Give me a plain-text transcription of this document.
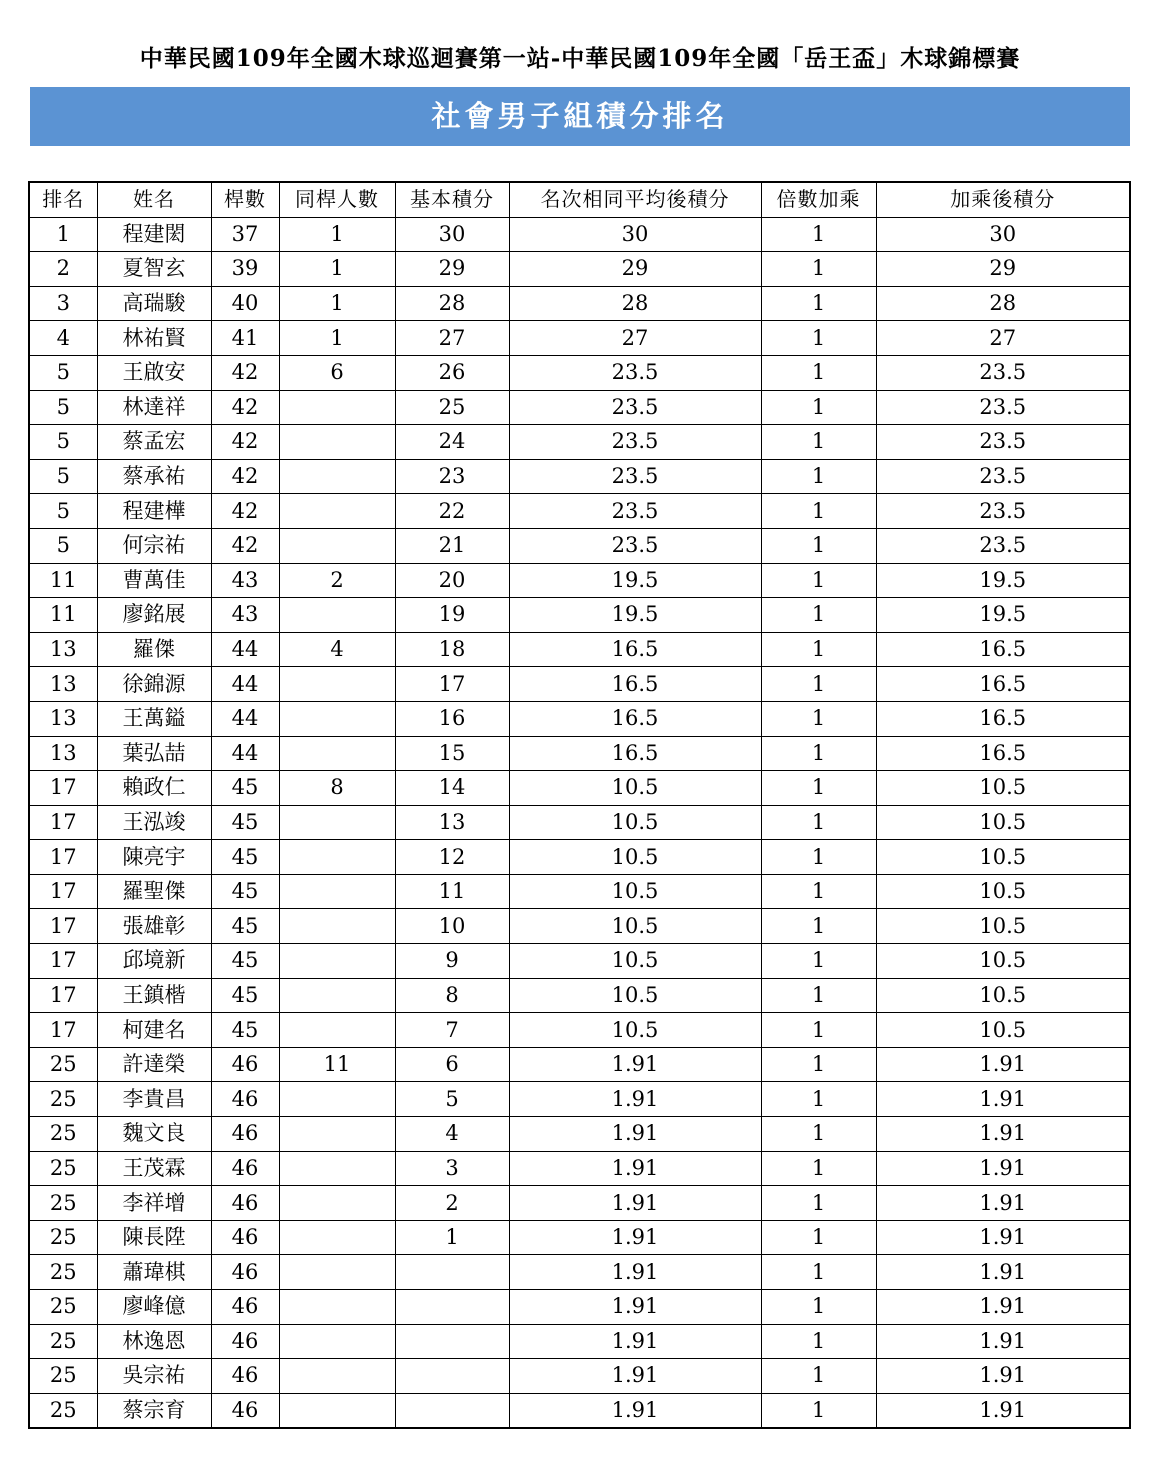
中華民國109年全國木球巡迴賽第一站-中華民國109年全國「岳王盃」木球錦標賽
社會男子組積分排名
排名	姓名	桿數	同桿人數	基本積分	名次相同平均後積分	倍數加乘	加乘後積分
1	程建閎	37	1	30	30	1	30
2	夏智玄	39	1	29	29	1	29
3	高瑞駿	40	1	28	28	1	28
4	林祐賢	41	1	27	27	1	27
5	王啟安	42	6	26	23.5	1	23.5
5	林達祥	42		25	23.5	1	23.5
5	蔡孟宏	42		24	23.5	1	23.5
5	蔡承祐	42		23	23.5	1	23.5
5	程建樺	42		22	23.5	1	23.5
5	何宗祐	42		21	23.5	1	23.5
11	曹萬佳	43	2	20	19.5	1	19.5
11	廖銘展	43		19	19.5	1	19.5
13	羅傑	44	4	18	16.5	1	16.5
13	徐錦源	44		17	16.5	1	16.5
13	王萬鎰	44		16	16.5	1	16.5
13	葉弘喆	44		15	16.5	1	16.5
17	賴政仁	45	8	14	10.5	1	10.5
17	王泓竣	45		13	10.5	1	10.5
17	陳亮宇	45		12	10.5	1	10.5
17	羅聖傑	45		11	10.5	1	10.5
17	張雄彰	45		10	10.5	1	10.5
17	邱境新	45		9	10.5	1	10.5
17	王鎮楷	45		8	10.5	1	10.5
17	柯建名	45		7	10.5	1	10.5
25	許達榮	46	11	6	1.91	1	1.91
25	李貴昌	46		5	1.91	1	1.91
25	魏文良	46		4	1.91	1	1.91
25	王茂霖	46		3	1.91	1	1.91
25	李祥增	46		2	1.91	1	1.91
25	陳長陞	46		1	1.91	1	1.91
25	蕭瑋棋	46			1.91	1	1.91
25	廖峰億	46			1.91	1	1.91
25	林逸恩	46			1.91	1	1.91
25	吳宗祐	46			1.91	1	1.91
25	蔡宗育	46			1.91	1	1.91
